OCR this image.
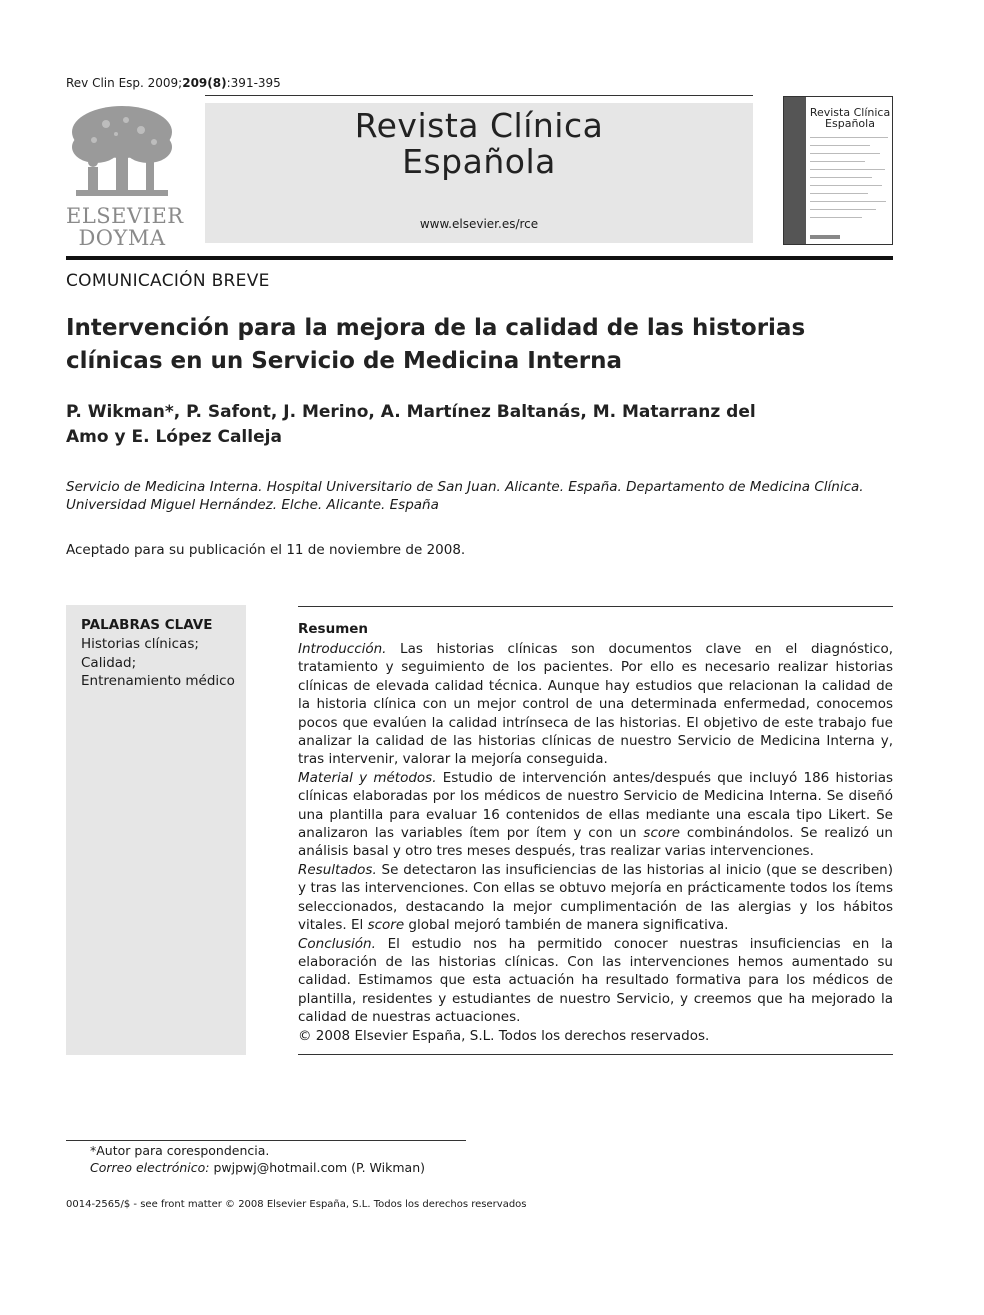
Rev Clin Esp. 2009;209(8):391-395
ELSEVIER
DOYMA
Revista Clínica
Española
www.elsevier.es/rce
Revista Clínica
Española
COMUNICACIÓN BREVE
Intervención para la mejora de la calidad de las historias clínicas en un Servicio de Medicina Interna
P. Wikman*, P. Safont, J. Merino, A. Martínez Baltanás, M. Matarranz del Amo y E. López Calleja
Servicio de Medicina Interna. Hospital Universitario de San Juan. Alicante. España. Departamento de Medicina Clínica. Universidad Miguel Hernández. Elche. Alicante. España
Aceptado para su publicación el 11 de noviembre de 2008.
PALABRAS CLAVE
Historias clínicas;
Calidad;
Entrenamiento médico
Resumen

Introducción. Las historias clínicas son documentos clave en el diagnóstico, tratamiento y seguimiento de los pacientes. Por ello es necesario realizar historias clínicas de elevada calidad técnica. Aunque hay estudios que relacionan la calidad de la historia clínica con un mejor control de una determinada enfermedad, conocemos pocos que evalúen la calidad intrínseca de las historias. El objetivo de este trabajo fue analizar la calidad de las historias clínicas de nuestro Servicio de Medicina Interna y, tras intervenir, valorar la mejoría conseguida.

Material y métodos. Estudio de intervención antes/después que incluyó 186 historias clínicas elaboradas por los médicos de nuestro Servicio de Medicina Interna. Se diseñó una plantilla para evaluar 16 contenidos de ellas mediante una escala tipo Likert. Se analizaron las variables ítem por ítem y con un score combinándolos. Se realizó un análisis basal y otro tres meses después, tras realizar varias intervenciones.

Resultados. Se detectaron las insuficiencias de las historias al inicio (que se describen) y tras las intervenciones. Con ellas se obtuvo mejoría en prácticamente todos los ítems seleccionados, destacando la mejor cumplimentación de las alergias y los hábitos vitales. El score global mejoró también de manera significativa.

Conclusión. El estudio nos ha permitido conocer nuestras insuficiencias en la elaboración de las historias clínicas. Con las intervenciones hemos aumentado su calidad. Estimamos que esta actuación ha resultado formativa para los médicos de plantilla, residentes y estudiantes de nuestro Servicio, y creemos que ha mejorado la calidad de nuestras actuaciones.

© 2008 Elsevier España, S.L. Todos los derechos reservados.

*Autor para corespondencia.
Correo electrónico: pwjpwj@hotmail.com (P. Wikman)
0014-2565/$ - see front matter © 2008 Elsevier España, S.L. Todos los derechos reservados
